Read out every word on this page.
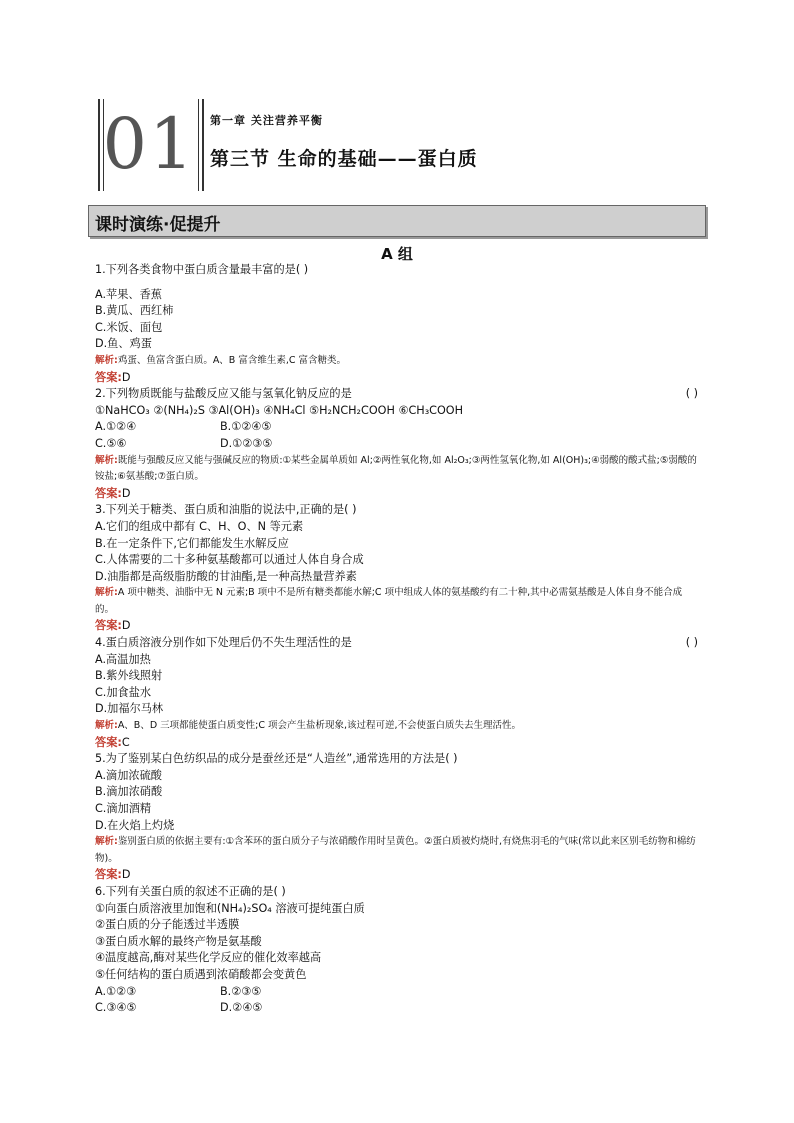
01	第一章 关注营养平衡
第三节 生命的基础——蛋白质
课时演练·促提升
A 组
1.下列各类食物中蛋白质含量最丰富的是( )
A.苹果、香蕉
B.黄瓜、西红柿
C.米饭、面包
D.鱼、鸡蛋
解析:鸡蛋、鱼富含蛋白质。A、B 富含维生素,C 富含糖类。
答案:D
2.下列物质既能与盐酸反应又能与氢氧化钠反应的是	( )
①NaHCO₃ ②(NH₄)₂S ③Al(OH)₃ ④NH₄Cl ⑤H₂NCH₂COOH ⑥CH₃COOH
A.①②④	B.①②④⑤
C.⑤⑥	D.①②③⑤
解析:既能与强酸反应又能与强碱反应的物质:①某些金属单质如 Al;②两性氧化物,如 Al₂O₃;③两性氢氧化物,如 Al(OH)₃;④弱酸的酸式盐;⑤弱酸的铵盐;⑥氨基酸;⑦蛋白质。
答案:D
3.下列关于糖类、蛋白质和油脂的说法中,正确的是( )
A.它们的组成中都有 C、H、O、N 等元素
B.在一定条件下,它们都能发生水解反应
C.人体需要的二十多种氨基酸都可以通过人体自身合成
D.油脂都是高级脂肪酸的甘油酯,是一种高热量营养素
解析:A 项中糖类、油脂中无 N 元素;B 项中不是所有糖类都能水解;C 项中组成人体的氨基酸约有二十种,其中必需氨基酸是人体自身不能合成的。
答案:D
4.蛋白质溶液分别作如下处理后仍不失生理活性的是	( )
A.高温加热
B.紫外线照射
C.加食盐水
D.加福尔马林
解析:A、B、D 三项都能使蛋白质变性;C 项会产生盐析现象,该过程可逆,不会使蛋白质失去生理活性。
答案:C
5.为了鉴别某白色纺织品的成分是蚕丝还是“人造丝”,通常选用的方法是( )
A.滴加浓硫酸
B.滴加浓硝酸
C.滴加酒精
D.在火焰上灼烧
解析:鉴别蛋白质的依据主要有:①含苯环的蛋白质分子与浓硝酸作用时呈黄色。②蛋白质被灼烧时,有烧焦羽毛的气味(常以此来区别毛纺物和棉纺物)。
答案:D
6.下列有关蛋白质的叙述不正确的是( )
①向蛋白质溶液里加饱和(NH₄)₂SO₄ 溶液可提纯蛋白质
②蛋白质的分子能透过半透膜
③蛋白质水解的最终产物是氨基酸
④温度越高,酶对某些化学反应的催化效率越高
⑤任何结构的蛋白质遇到浓硝酸都会变黄色
A.①②③	B.②③⑤
C.③④⑤	D.②④⑤
